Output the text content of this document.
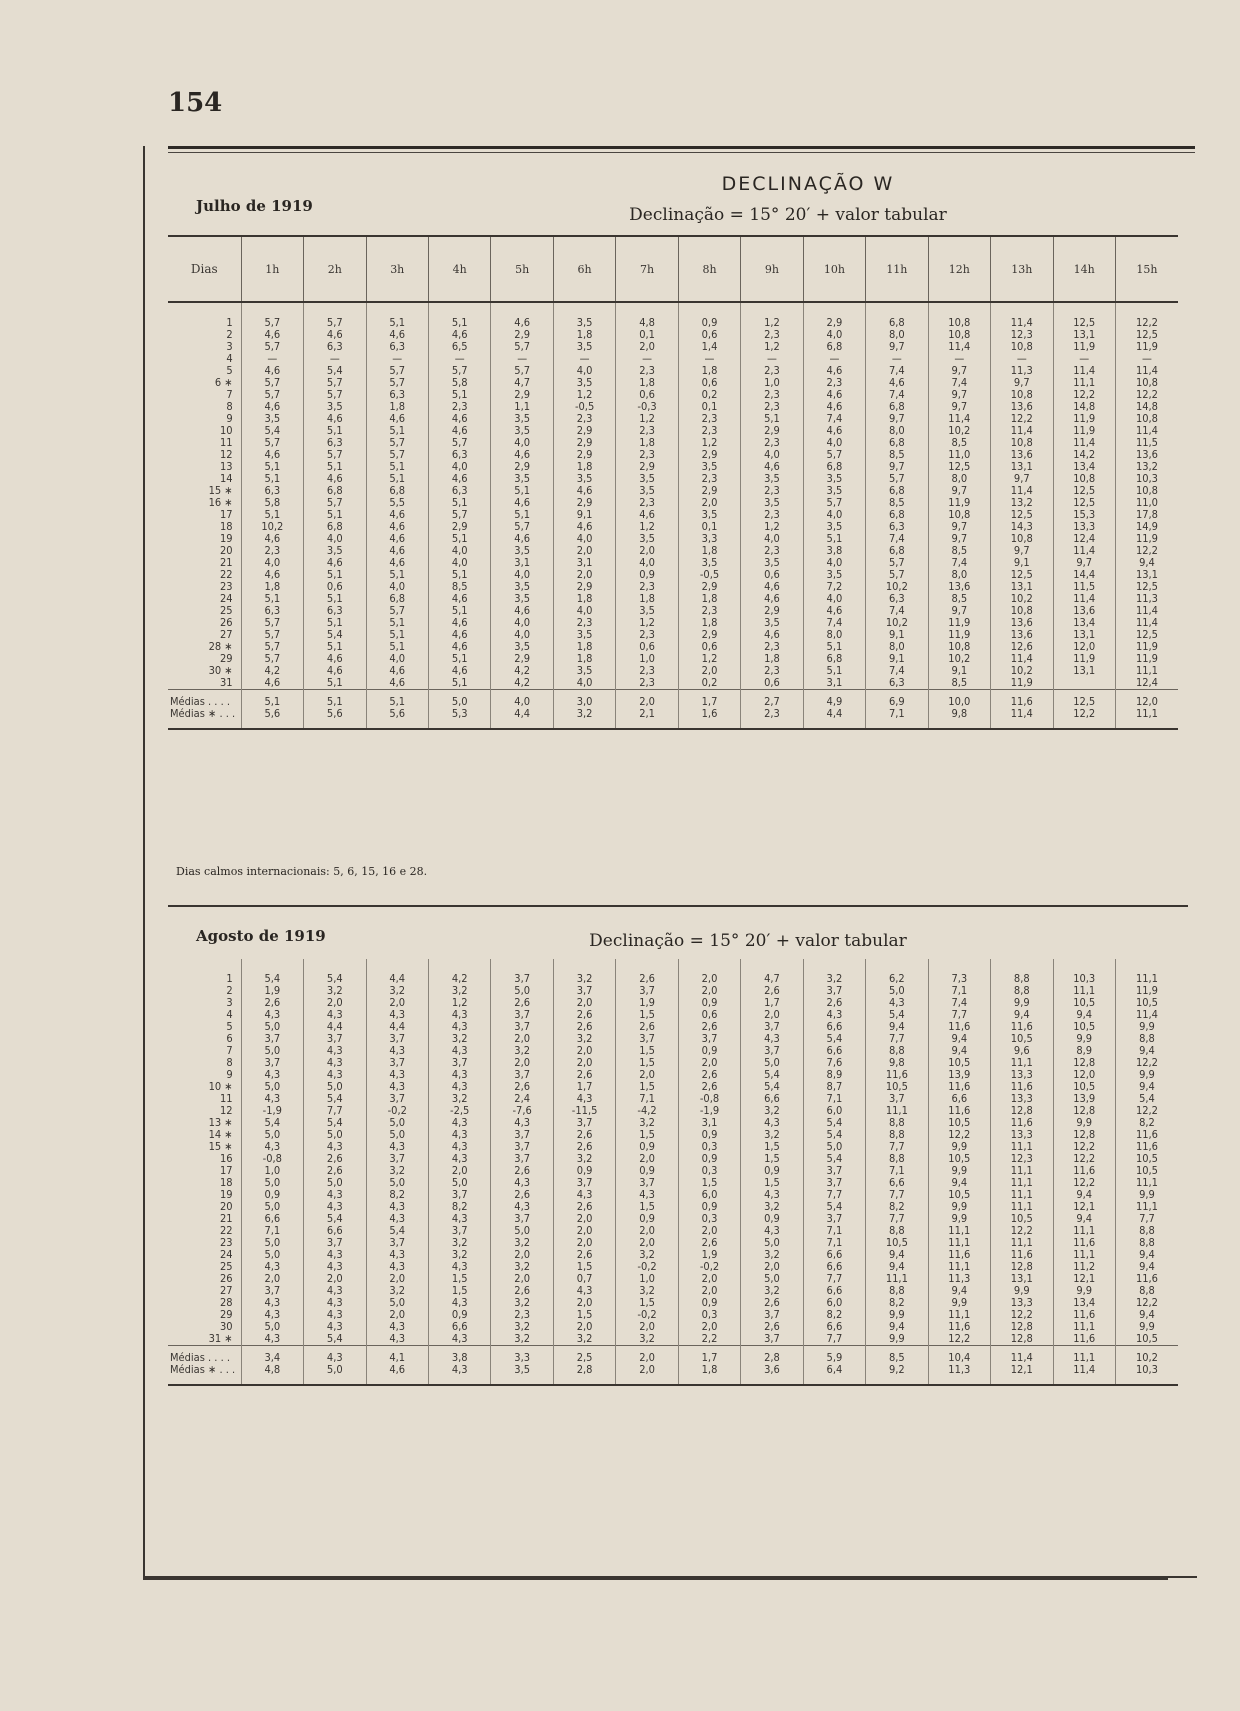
154
DECLINAÇÃO W
Julho de 1919	Declinação = 15° 20′ + valor tabular
Dias	1h	2h	3h	4h	5h	6h	7h	8h	9h	10h	11h	12h	13h	14h	15h

1	5,7	5,7	5,1	5,1	4,6	3,5	4,8	0,9	1,2	2,9	6,8	10,8	11,4	12,5	12,2
2	4,6	4,6	4,6	4,6	2,9	1,8	0,1	0,6	2,3	4,0	8,0	10,8	12,3	13,1	12,5
3	5,7	6,3	6,3	6,5	5,7	3,5	2,0	1,4	1,2	6,8	9,7	11,4	10,8	11,9	11,9
4	—	—	—	—	—	—	—	—	—	—	—	—	—	—	—
5	4,6	5,4	5,7	5,7	5,7	4,0	2,3	1,8	2,3	4,6	7,4	9,7	11,3	11,4	11,4
6 ∗	5,7	5,7	5,7	5,8	4,7	3,5	1,8	0,6	1,0	2,3	4,6	7,4	9,7	11,1	10,8
7	5,7	5,7	6,3	5,1	2,9	1,2	0,6	0,2	2,3	4,6	7,4	9,7	10,8	12,2	12,2
8	4,6	3,5	1,8	2,3	1,1	-0,5	-0,3	0,1	2,3	4,6	6,8	9,7	13,6	14,8	14,8
9	3,5	4,6	4,6	4,6	3,5	2,3	1,2	2,3	5,1	7,4	9,7	11,4	12,2	11,9	10,8
10	5,4	5,1	5,1	4,6	3,5	2,9	2,3	2,3	2,9	4,6	8,0	10,2	11,4	11,9	11,4
11	5,7	6,3	5,7	5,7	4,0	2,9	1,8	1,2	2,3	4,0	6,8	8,5	10,8	11,4	11,5
12	4,6	5,7	5,7	6,3	4,6	2,9	2,3	2,9	4,0	5,7	8,5	11,0	13,6	14,2	13,6
13	5,1	5,1	5,1	4,0	2,9	1,8	2,9	3,5	4,6	6,8	9,7	12,5	13,1	13,4	13,2
14	5,1	4,6	5,1	4,6	3,5	3,5	3,5	2,3	3,5	3,5	5,7	8,0	9,7	10,8	10,3
15 ∗	6,3	6,8	6,8	6,3	5,1	4,6	3,5	2,9	2,3	3,5	6,8	9,7	11,4	12,5	10,8
16 ∗	5,8	5,7	5,5	5,1	4,6	2,9	2,3	2,0	3,5	5,7	8,5	11,9	13,2	12,5	11,0
17	5,1	5,1	4,6	5,7	5,1	9,1	4,6	3,5	2,3	4,0	6,8	10,8	12,5	15,3	17,8
18	10,2	6,8	4,6	2,9	5,7	4,6	1,2	0,1	1,2	3,5	6,3	9,7	14,3	13,3	14,9
19	4,6	4,0	4,6	5,1	4,6	4,0	3,5	3,3	4,0	5,1	7,4	9,7	10,8	12,4	11,9
20	2,3	3,5	4,6	4,0	3,5	2,0	2,0	1,8	2,3	3,8	6,8	8,5	9,7	11,4	12,2
21	4,0	4,6	4,6	4,0	3,1	3,1	4,0	3,5	3,5	4,0	5,7	7,4	9,1	9,7	9,4
22	4,6	5,1	5,1	5,1	4,0	2,0	0,9	-0,5	0,6	3,5	5,7	8,0	12,5	14,4	13,1
23	1,8	0,6	4,0	8,5	3,5	2,9	2,3	2,9	4,6	7,2	10,2	13,6	13,1	11,5	12,5
24	5,1	5,1	6,8	4,6	3,5	1,8	1,8	1,8	4,6	4,0	6,3	8,5	10,2	11,4	11,3
25	6,3	6,3	5,7	5,1	4,6	4,0	3,5	2,3	2,9	4,6	7,4	9,7	10,8	13,6	11,4
26	5,7	5,1	5,1	4,6	4,0	2,3	1,2	1,8	3,5	7,4	10,2	11,9	13,6	13,4	11,4
27	5,7	5,4	5,1	4,6	4,0	3,5	2,3	2,9	4,6	8,0	9,1	11,9	13,6	13,1	12,5
28 ∗	5,7	5,1	5,1	4,6	3,5	1,8	0,6	0,6	2,3	5,1	8,0	10,8	12,6	12,0	11,9
29	5,7	4,6	4,0	5,1	2,9	1,8	1,0	1,2	1,8	6,8	9,1	10,2	11,4	11,9	11,9
30 ∗	4,2	4,6	4,6	4,6	4,2	3,5	2,3	2,0	2,3	5,1	7,4	9,1	10,2	13,1	11,1
31	4,6	5,1	4,6	5,1	4,2	4,0	2,3	0,2	0,6	3,1	6,3	8,5	11,9		12,4
Médias . . . .	5,1	5,1	5,1	5,0	4,0	3,0	2,0	1,7	2,7	4,9	6,9	10,0	11,6	12,5	12,0
Médias ∗ . . .	5,6	5,6	5,6	5,3	4,4	3,2	2,1	1,6	2,3	4,4	7,1	9,8	11,4	12,2	11,1

Dias calmos internacionais: 5, 6, 15, 16 e 28.
Agosto de 1919	Declinação = 15° 20′ + valor tabular

1	5,4	5,4	4,4	4,2	3,7	3,2	2,6	2,0	4,7	3,2	6,2	7,3	8,8	10,3	11,1
2	1,9	3,2	3,2	3,2	5,0	3,7	3,7	2,0	2,6	3,7	5,0	7,1	8,8	11,1	11,9
3	2,6	2,0	2,0	1,2	2,6	2,0	1,9	0,9	1,7	2,6	4,3	7,4	9,9	10,5	10,5
4	4,3	4,3	4,3	4,3	3,7	2,6	1,5	0,6	2,0	4,3	5,4	7,7	9,4	9,4	11,4
5	5,0	4,4	4,4	4,3	3,7	2,6	2,6	2,6	3,7	6,6	9,4	11,6	11,6	10,5	9,9
6	3,7	3,7	3,7	3,2	2,0	3,2	3,7	3,7	4,3	5,4	7,7	9,4	10,5	9,9	8,8
7	5,0	4,3	4,3	4,3	3,2	2,0	1,5	0,9	3,7	6,6	8,8	9,4	9,6	8,9	9,4
8	3,7	4,3	3,7	3,7	2,0	2,0	1,5	2,0	5,0	7,6	9,8	10,5	11,1	12,8	12,2
9	4,3	4,3	4,3	4,3	3,7	2,6	2,0	2,6	5,4	8,9	11,6	13,9	13,3	12,0	9,9
10 ∗	5,0	5,0	4,3	4,3	2,6	1,7	1,5	2,6	5,4	8,7	10,5	11,6	11,6	10,5	9,4
11	4,3	5,4	3,7	3,2	2,4	4,3	7,1	-0,8	6,6	7,1	3,7	6,6	13,3	13,9	5,4
12	-1,9	7,7	-0,2	-2,5	-7,6	-11,5	-4,2	-1,9	3,2	6,0	11,1	11,6	12,8	12,8	12,2
13 ∗	5,4	5,4	5,0	4,3	4,3	3,7	3,2	3,1	4,3	5,4	8,8	10,5	11,6	9,9	8,2
14 ∗	5,0	5,0	5,0	4,3	3,7	2,6	1,5	0,9	3,2	5,4	8,8	12,2	13,3	12,8	11,6
15 ∗	4,3	4,3	4,3	4,3	3,7	2,6	0,9	0,3	1,5	5,0	7,7	9,9	11,1	12,2	11,6
16	-0,8	2,6	3,7	4,3	3,7	3,2	2,0	0,9	1,5	5,4	8,8	10,5	12,3	12,2	10,5
17	1,0	2,6	3,2	2,0	2,6	0,9	0,9	0,3	0,9	3,7	7,1	9,9	11,1	11,6	10,5
18	5,0	5,0	5,0	5,0	4,3	3,7	3,7	1,5	1,5	3,7	6,6	9,4	11,1	12,2	11,1
19	0,9	4,3	8,2	3,7	2,6	4,3	4,3	6,0	4,3	7,7	7,7	10,5	11,1	9,4	9,9
20	5,0	4,3	4,3	8,2	4,3	2,6	1,5	0,9	3,2	5,4	8,2	9,9	11,1	12,1	11,1
21	6,6	5,4	4,3	4,3	3,7	2,0	0,9	0,3	0,9	3,7	7,7	9,9	10,5	9,4	7,7
22	7,1	6,6	5,4	3,7	5,0	2,0	2,0	2,0	4,3	7,1	8,8	11,1	12,2	11,1	8,8
23	5,0	3,7	3,7	3,2	3,2	2,0	2,0	2,6	5,0	7,1	10,5	11,1	11,1	11,6	8,8
24	5,0	4,3	4,3	3,2	2,0	2,6	3,2	1,9	3,2	6,6	9,4	11,6	11,6	11,1	9,4
25	4,3	4,3	4,3	4,3	3,2	1,5	-0,2	-0,2	2,0	6,6	9,4	11,1	12,8	11,2	9,4
26	2,0	2,0	2,0	1,5	2,0	0,7	1,0	2,0	5,0	7,7	11,1	11,3	13,1	12,1	11,6
27	3,7	4,3	3,2	1,5	2,6	4,3	3,2	2,0	3,2	6,6	8,8	9,4	9,9	9,9	8,8
28	4,3	4,3	5,0	4,3	3,2	2,0	1,5	0,9	2,6	6,0	8,2	9,9	13,3	13,4	12,2
29	4,3	4,3	2,0	0,9	2,3	1,5	-0,2	0,3	3,7	8,2	9,9	11,1	12,2	11,6	9,4
30	5,0	4,3	4,3	6,6	3,2	2,0	2,0	2,0	2,6	6,6	9,4	11,6	12,8	11,1	9,9
31 ∗	4,3	5,4	4,3	4,3	3,2	3,2	3,2	2,2	3,7	7,7	9,9	12,2	12,8	11,6	10,5
Médias . . . .	3,4	4,3	4,1	3,8	3,3	2,5	2,0	1,7	2,8	5,9	8,5	10,4	11,4	11,1	10,2
Médias ∗ . . .	4,8	5,0	4,6	4,3	3,5	2,8	2,0	1,8	3,6	6,4	9,2	11,3	12,1	11,4	10,3
